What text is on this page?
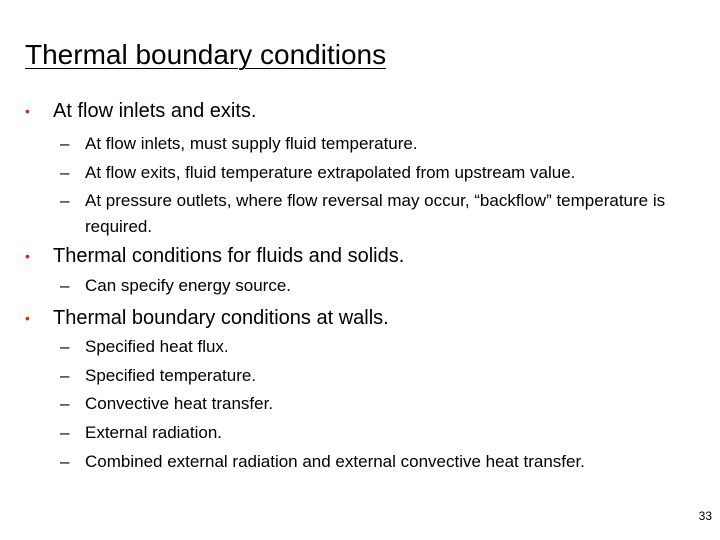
Thermal boundary conditions
• At flow inlets and exits.
– At flow inlets, must supply fluid temperature.
– At flow exits, fluid temperature extrapolated from upstream value.
– At pressure outlets, where flow reversal may occur, “backflow” temperature is required.
• Thermal conditions for fluids and solids.
– Can specify energy source.
• Thermal boundary conditions at walls.
– Specified heat flux.
– Specified temperature.
– Convective heat transfer.
– External radiation.
– Combined external radiation and external convective heat transfer.
33
